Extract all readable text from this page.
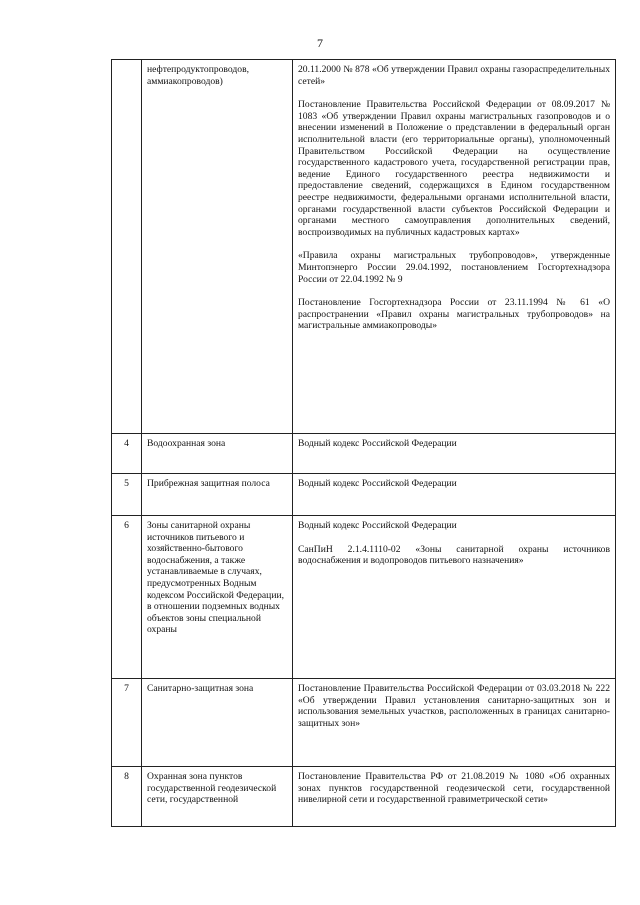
7
	нефтепродуктопроводов, аммиакопроводов)	20.11.2000 № 878 «Об утверждении Правил охраны газораспределительных сетей»

Постановление Правительства Российской Федерации от 08.09.2017 № 1083 «Об утверждении Правил охраны магистральных газопроводов и о внесении изменений в Положение о представлении в федеральный орган исполнительной власти (его территориальные органы), уполномоченный Правительством Российской Федерации на осуществление государственного кадастрового учета, государственной регистрации прав, ведение Единого государственного реестра недвижимости и предоставление сведений, содержащихся в Едином государственном реестре недвижимости, федеральными органами исполнительной власти, органами государственной власти субъектов Российской Федерации и органами местного самоуправления дополнительных сведений, воспроизводимых на публичных кадастровых картах»

«Правила охраны магистральных трубопроводов», утвержденные Минтопэнерго России 29.04.1992, постановлением Госгортехнадзора России от 22.04.1992 № 9

Постановление Госгортехнадзора России от 23.11.1994 № 61 «О распространении «Правил охраны магистральных трубопроводов» на магистральные аммиакопроводы»

4	Водоохранная зона	Водный кодекс Российской Федерации

5	Прибрежная защитная полоса	Водный кодекс Российской Федерации

6	Зоны санитарной охраны источников питьевого и хозяйственно-бытового водоснабжения, а также устанавливаемые в случаях, предусмотренных Водным кодексом Российской Федерации, в отношении подземных водных объектов зоны специальной охраны	Водный кодекс Российской Федерации

СанПиН 2.1.4.1110-02 «Зоны санитарной охраны источников водоснабжения и водопроводов питьевого назначения»

7	Санитарно-защитная зона	Постановление Правительства Российской Федерации от 03.03.2018 № 222 «Об утверждении Правил установления санитарно-защитных зон и использования земельных участков, расположенных в границах санитарно-защитных зон»

8	Охранная зона пунктов государственной геодезической сети, государственной	Постановление Правительства РФ от 21.08.2019 № 1080 «Об охранных зонах пунктов государственной геодезической сети, государственной нивелирной сети и государственной гравиметрической сети»
